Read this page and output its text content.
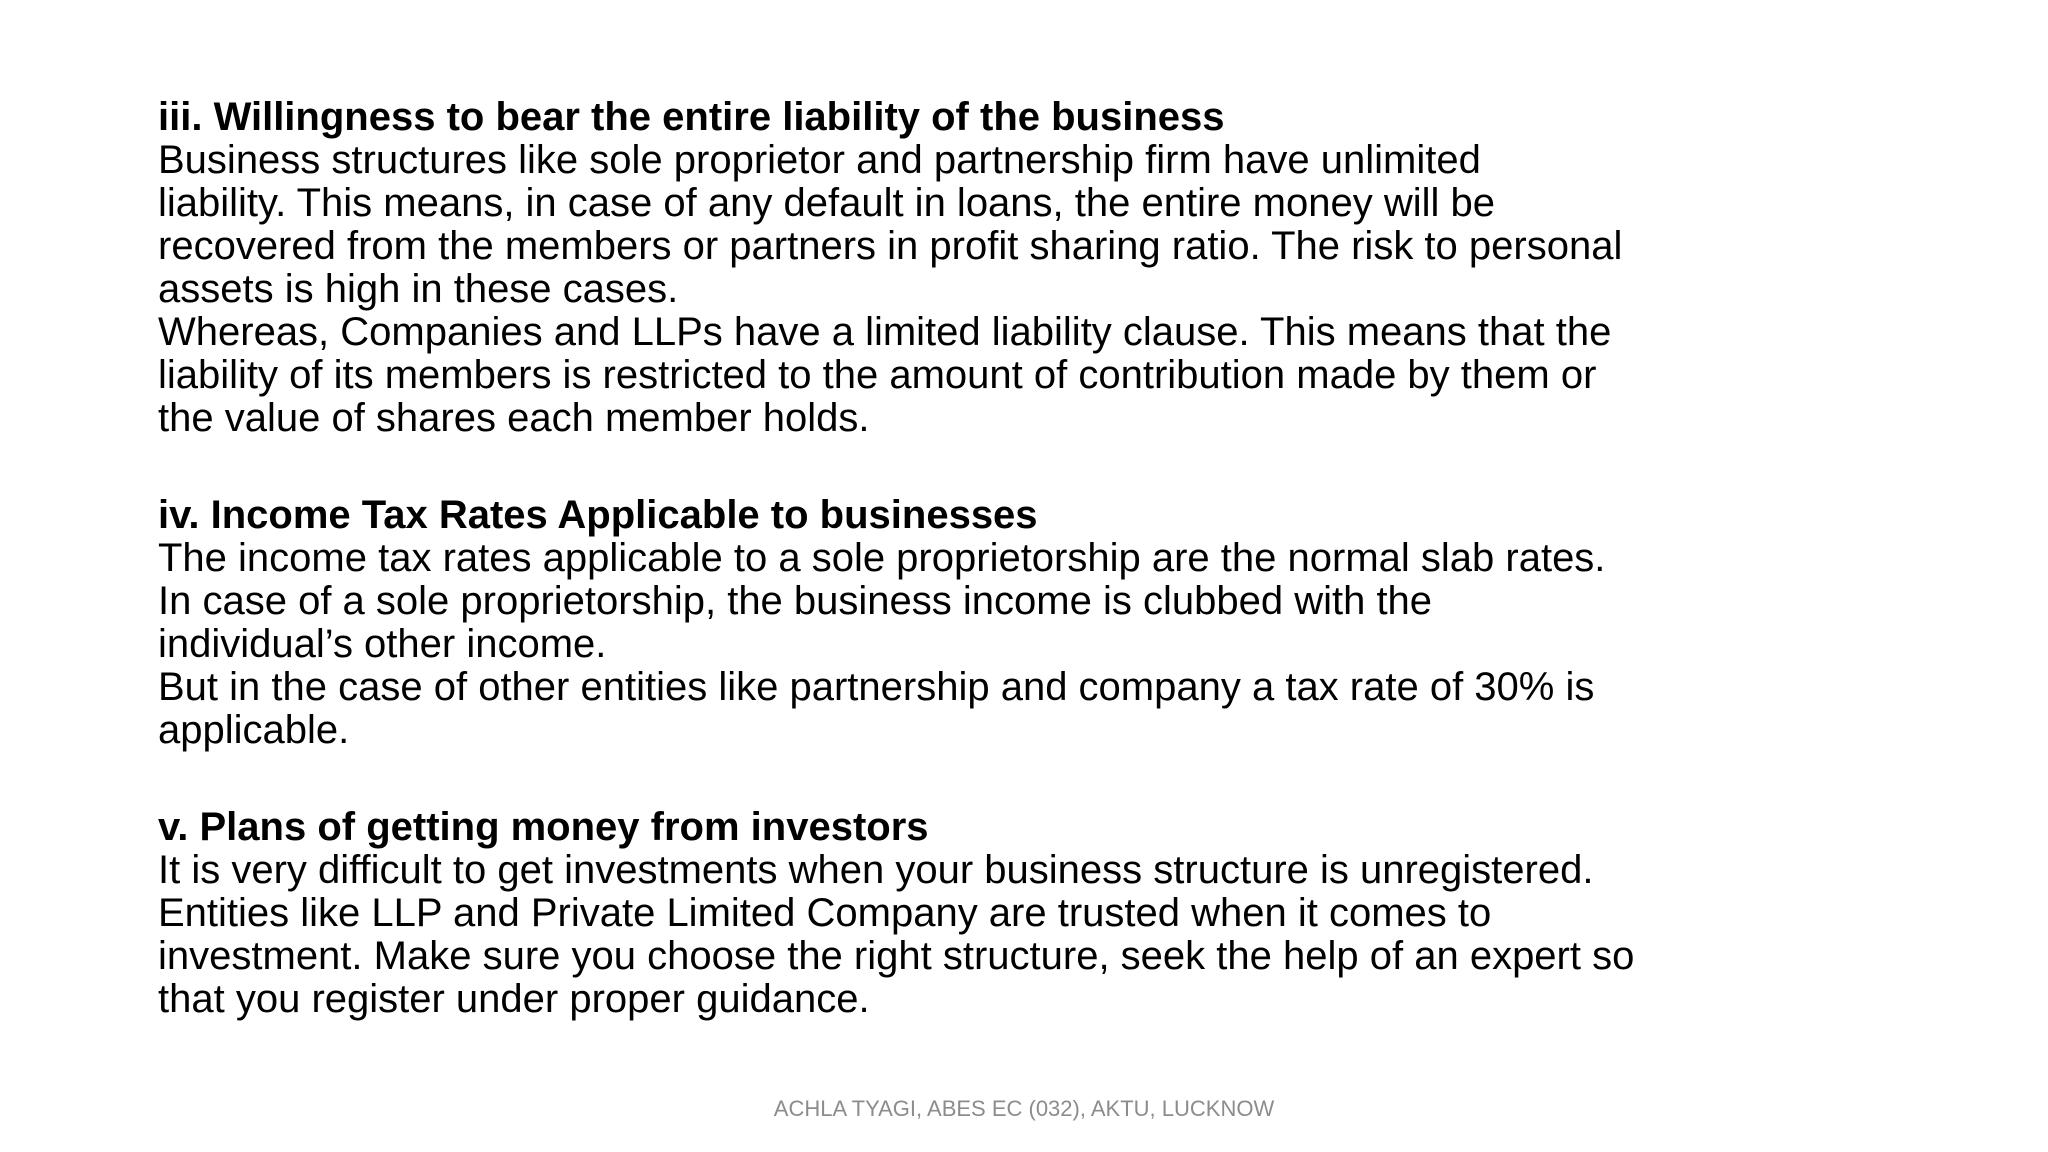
iii. Willingness to bear the entire liability of the business

Business structures like sole proprietor and partnership firm have unlimited

liability. This means, in case of any default in loans, the entire money will be

recovered from the members or partners in profit sharing ratio. The risk to personal

assets is high in these cases.

Whereas, Companies and LLPs have a limited liability clause. This means that the

liability of its members is restricted to the amount of contribution made by them or

the value of shares each member holds.

iv. Income Tax Rates Applicable to businesses

The income tax rates applicable to a sole proprietorship are the normal slab rates.

In case of a sole proprietorship, the business income is clubbed with the

individual’s other income.

But in the case of other entities like partnership and company a tax rate of 30% is

applicable.

v. Plans of getting money from investors

It is very difficult to get investments when your business structure is unregistered.

Entities like LLP and Private Limited Company are trusted when it comes to

investment. Make sure you choose the right structure, seek the help of an expert so

that you register under proper guidance.

ACHLA TYAGI, ABES EC (032), AKTU, LUCKNOW
